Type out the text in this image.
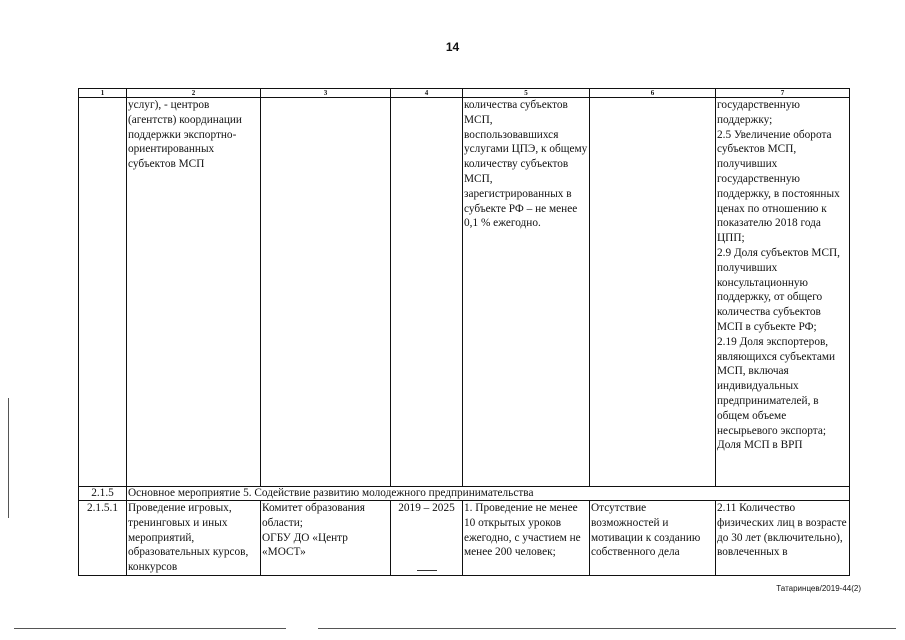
14
1	2	3	4	5	6	7
	услуг), - центров (агентств) координации поддержки экспортно-ориентированных субъектов МСП			количества субъектов МСП, воспользовавшихся услугами ЦПЭ, к общему количеству субъектов МСП, зарегистрированных в субъекте РФ – не менее 0,1 % ежегодно.		государственную поддержку;
2.5 Увеличение оборота субъектов МСП, получивших государственную поддержку, в постоянных ценах по отношению к показателю 2018 года ЦПП;
2.9 Доля субъектов МСП, получивших консультационную поддержку, от общего количества субъектов МСП в субъекте РФ;
2.19 Доля экспортеров, являющихся субъектами МСП, включая индивидуальных предпринимателей, в общем объеме несырьевого экспорта; Доля МСП в ВРП
2.1.5	Основное мероприятие 5. Содействие развитию молодежного предпринимательства					
2.1.5.1	Проведение игровых, тренинговых и иных мероприятий, образовательных курсов, конкурсов	Комитет образования области;
ОГБУ ДО «Центр «МОСТ»	2019 – 2025	1. Проведение не менее 10 открытых уроков ежегодно, с участием не менее 200 человек;	Отсутствие возможностей и мотивации к созданию собственного дела	2.11 Количество физических лиц в возрасте до 30 лет (включительно), вовлеченных в
Татаринцев/2019-44(2)
